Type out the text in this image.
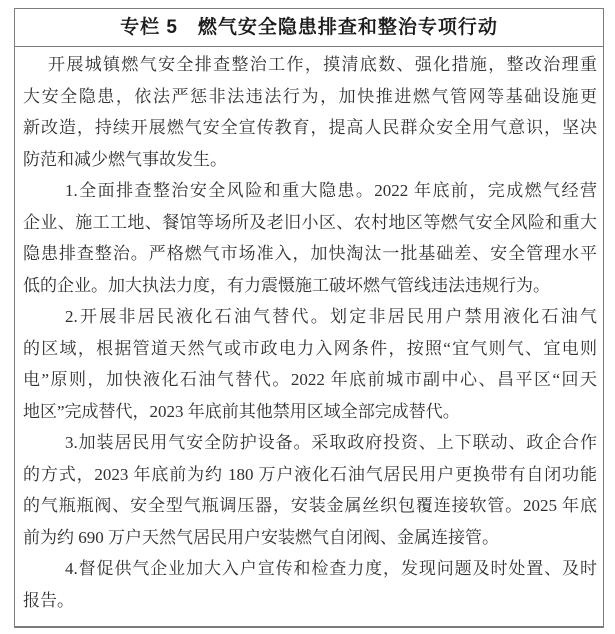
专栏 5　燃气安全隐患排查和整治专项行动
开展城镇燃气安全排查整治工作，摸清底数、强化措施，整改治理重
大安全隐患，依法严惩非法违法行为，加快推进燃气管网等基础设施更
新改造，持续开展燃气安全宣传教育，提高人民群众安全用气意识，坚决
防范和减少燃气事故发生。
1.全面排查整治安全风险和重大隐患。2022 年底前，完成燃气经营
企业、施工工地、餐馆等场所及老旧小区、农村地区等燃气安全风险和重大
隐患排查整治。严格燃气市场准入，加快淘汰一批基础差、安全管理水平
低的企业。加大执法力度，有力震慑施工破坏燃气管线违法违规行为。
2.开展非居民液化石油气替代。划定非居民用户禁用液化石油气
的区域，根据管道天然气或市政电力入网条件，按照“宜气则气、宜电则
电”原则，加快液化石油气替代。2022 年底前城市副中心、昌平区“回天
地区”完成替代，2023 年底前其他禁用区域全部完成替代。
3.加装居民用气安全防护设备。采取政府投资、上下联动、政企合作
的方式，2023 年底前为约 180 万户液化石油气居民用户更换带有自闭功能
的气瓶瓶阀、安全型气瓶调压器，安装金属丝织包覆连接软管。2025 年底
前为约 690 万户天然气居民用户安装燃气自闭阀、金属连接管。
4.督促供气企业加大入户宣传和检查力度，发现问题及时处置、及时
报告。
